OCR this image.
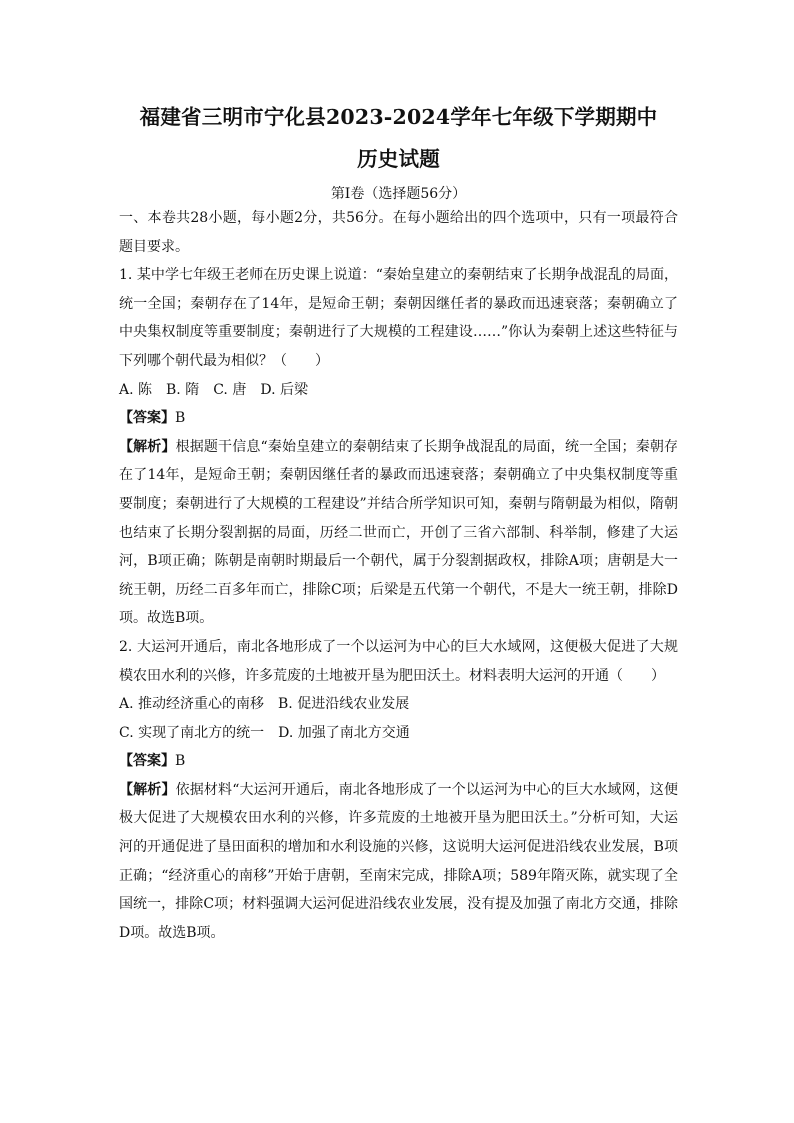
福建省三明市宁化县2023-2024学年七年级下学期期中
历史试题
第Ⅰ卷（选择题56分）

一、本卷共28小题，每小题2分，共56分。在每小题给出的四个选项中，只有一项最符合题目要求。

1. 某中学七年级王老师在历史课上说道：“秦始皇建立的秦朝结束了长期争战混乱的局面，统一全国；秦朝存在了14年，是短命王朝；秦朝因继任者的暴政而迅速衰落；秦朝确立了中央集权制度等重要制度；秦朝进行了大规模的工程建设……”你认为秦朝上述这些特征与下列哪个朝代最为相似？（　　）

A. 陈 B. 隋 C. 唐 D. 后梁

【答案】B

【解析】根据题干信息“秦始皇建立的秦朝结束了长期争战混乱的局面，统一全国；秦朝存在了14年，是短命王朝；秦朝因继任者的暴政而迅速衰落；秦朝确立了中央集权制度等重要制度；秦朝进行了大规模的工程建设”并结合所学知识可知，秦朝与隋朝最为相似，隋朝也结束了长期分裂割据的局面，历经二世而亡，开创了三省六部制、科举制，修建了大运河，B项正确；陈朝是南朝时期最后一个朝代，属于分裂割据政权，排除A项；唐朝是大一统王朝，历经二百多年而亡，排除C项；后梁是五代第一个朝代，不是大一统王朝，排除D项。故选B项。

2. 大运河开通后，南北各地形成了一个以运河为中心的巨大水域网，这便极大促进了大规模农田水利的兴修，许多荒废的土地被开垦为肥田沃土。材料表明大运河的开通（　　）

A. 推动经济重心的南移 B. 促进沿线农业发展

C. 实现了南北方的统一 D. 加强了南北方交通

【答案】B

【解析】依据材料“大运河开通后，南北各地形成了一个以运河为中心的巨大水域网，这便极大促进了大规模农田水利的兴修，许多荒废的土地被开垦为肥田沃土。”分析可知，大运河的开通促进了垦田面积的增加和水利设施的兴修，这说明大运河促进沿线农业发展，B项正确；“经济重心的南移”开始于唐朝，至南宋完成，排除A项；589年隋灭陈，就实现了全国统一，排除C项；材料强调大运河促进沿线农业发展，没有提及加强了南北方交通，排除D项。故选B项。
